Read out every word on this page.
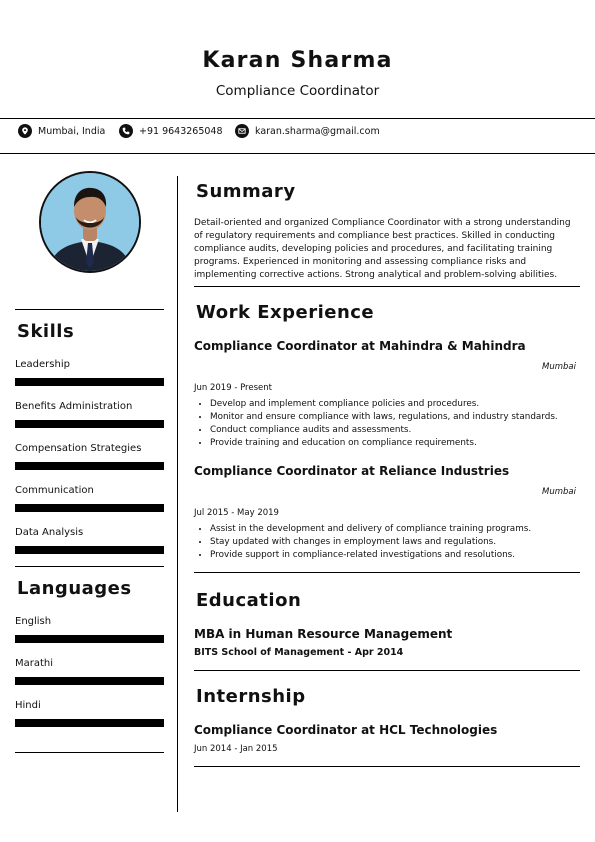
Karan Sharma
Compliance Coordinator
Mumbai, India	+91 9643265048	karan.sharma@gmail.com
Skills
Leadership
Benefits Administration
Compensation Strategies
Communication
Data Analysis
Languages
English
Marathi
Hindi
Summary
Detail-oriented and organized Compliance Coordinator with a strong understanding of regulatory requirements and compliance best practices. Skilled in conducting compliance audits, developing policies and procedures, and facilitating training programs. Experienced in monitoring and assessing compliance risks and implementing corrective actions. Strong analytical and problem-solving abilities.
Work Experience
Compliance Coordinator at Mahindra & Mahindra
Mumbai
Jun 2019 - Present
• Develop and implement compliance policies and procedures.
• Monitor and ensure compliance with laws, regulations, and industry standards.
• Conduct compliance audits and assessments.
• Provide training and education on compliance requirements.
Compliance Coordinator at Reliance Industries
Mumbai
Jul 2015 - May 2019
• Assist in the development and delivery of compliance training programs.
• Stay updated with changes in employment laws and regulations.
• Provide support in compliance-related investigations and resolutions.
Education
MBA in Human Resource Management
BITS School of Management - Apr 2014
Internship
Compliance Coordinator at HCL Technologies
Jun 2014 - Jan 2015
